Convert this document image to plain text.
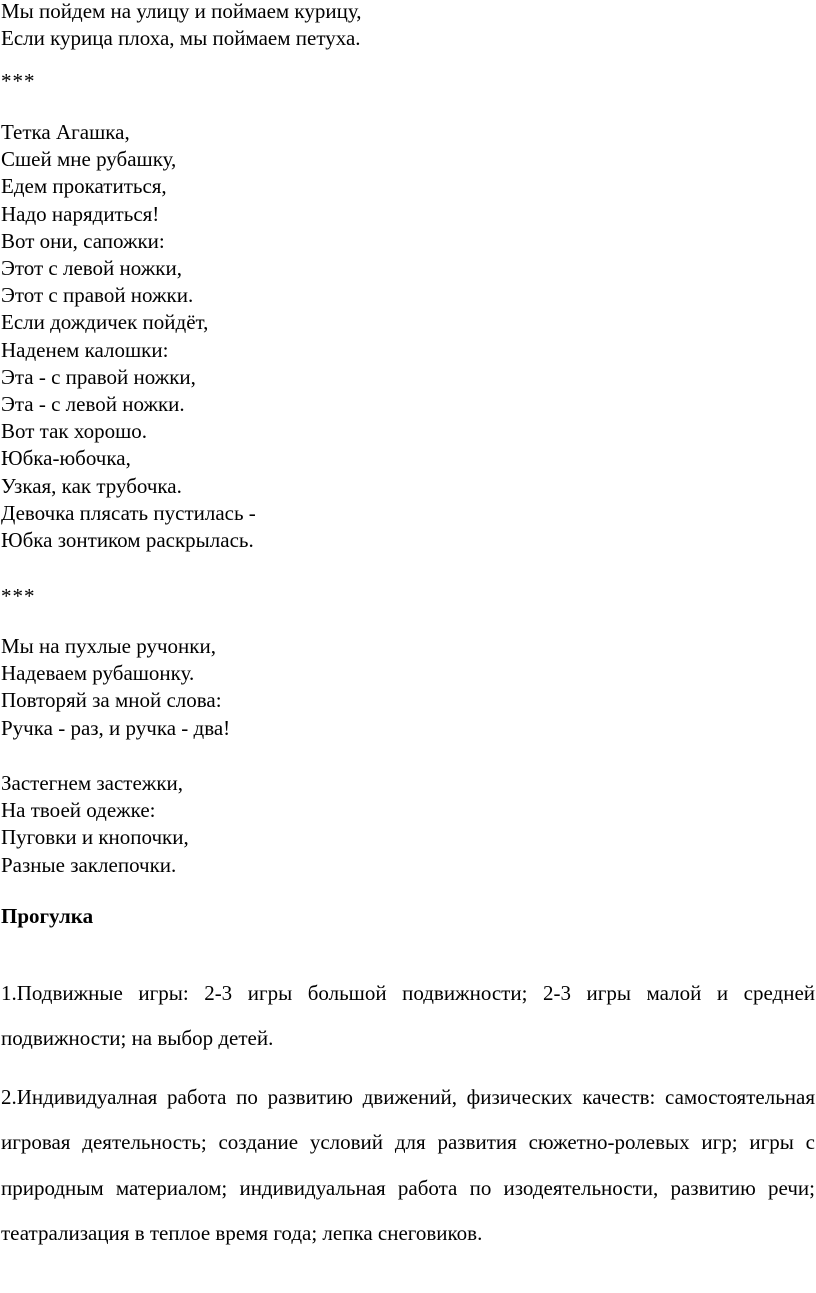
Мы пойдем на улицу и поймаем курицу,
Если курица плоха, мы поймаем петуха.
***
Тетка Агашка,
Сшей мне рубашку,
Едем прокатиться,
Надо нарядиться!
Вот они, сапожки:
Этот с левой ножки,
Этот с правой ножки.
Если дождичек пойдёт,
Наденем калошки:
Эта - с правой ножки,
Эта - с левой ножки.
Вот так хорошо.
Юбка-юбочка,
Узкая, как трубочка.
Девочка плясать пустилась -
Юбка зонтиком раскрылась.
***
Мы на пухлые ручонки,
Надеваем рубашонку.
Повторяй за мной слова:
Ручка - раз, и ручка - два!
Застегнем застежки,
На твоей одежке:
Пуговки и кнопочки,
Разные заклепочки.
Прогулка

1.Подвижные игры: 2-3 игры большой подвижности; 2-3 игры малой и средней подвижности; на выбор детей.

2.Индивидуалная работа по развитию движений, физических качеств: самостоятельная игровая деятельность; создание условий для развития сюжетно-ролевых игр; игры с природным материалом; индивидуальная работа по изодеятельности, развитию речи; театрализация в теплое время года; лепка снеговиков.
